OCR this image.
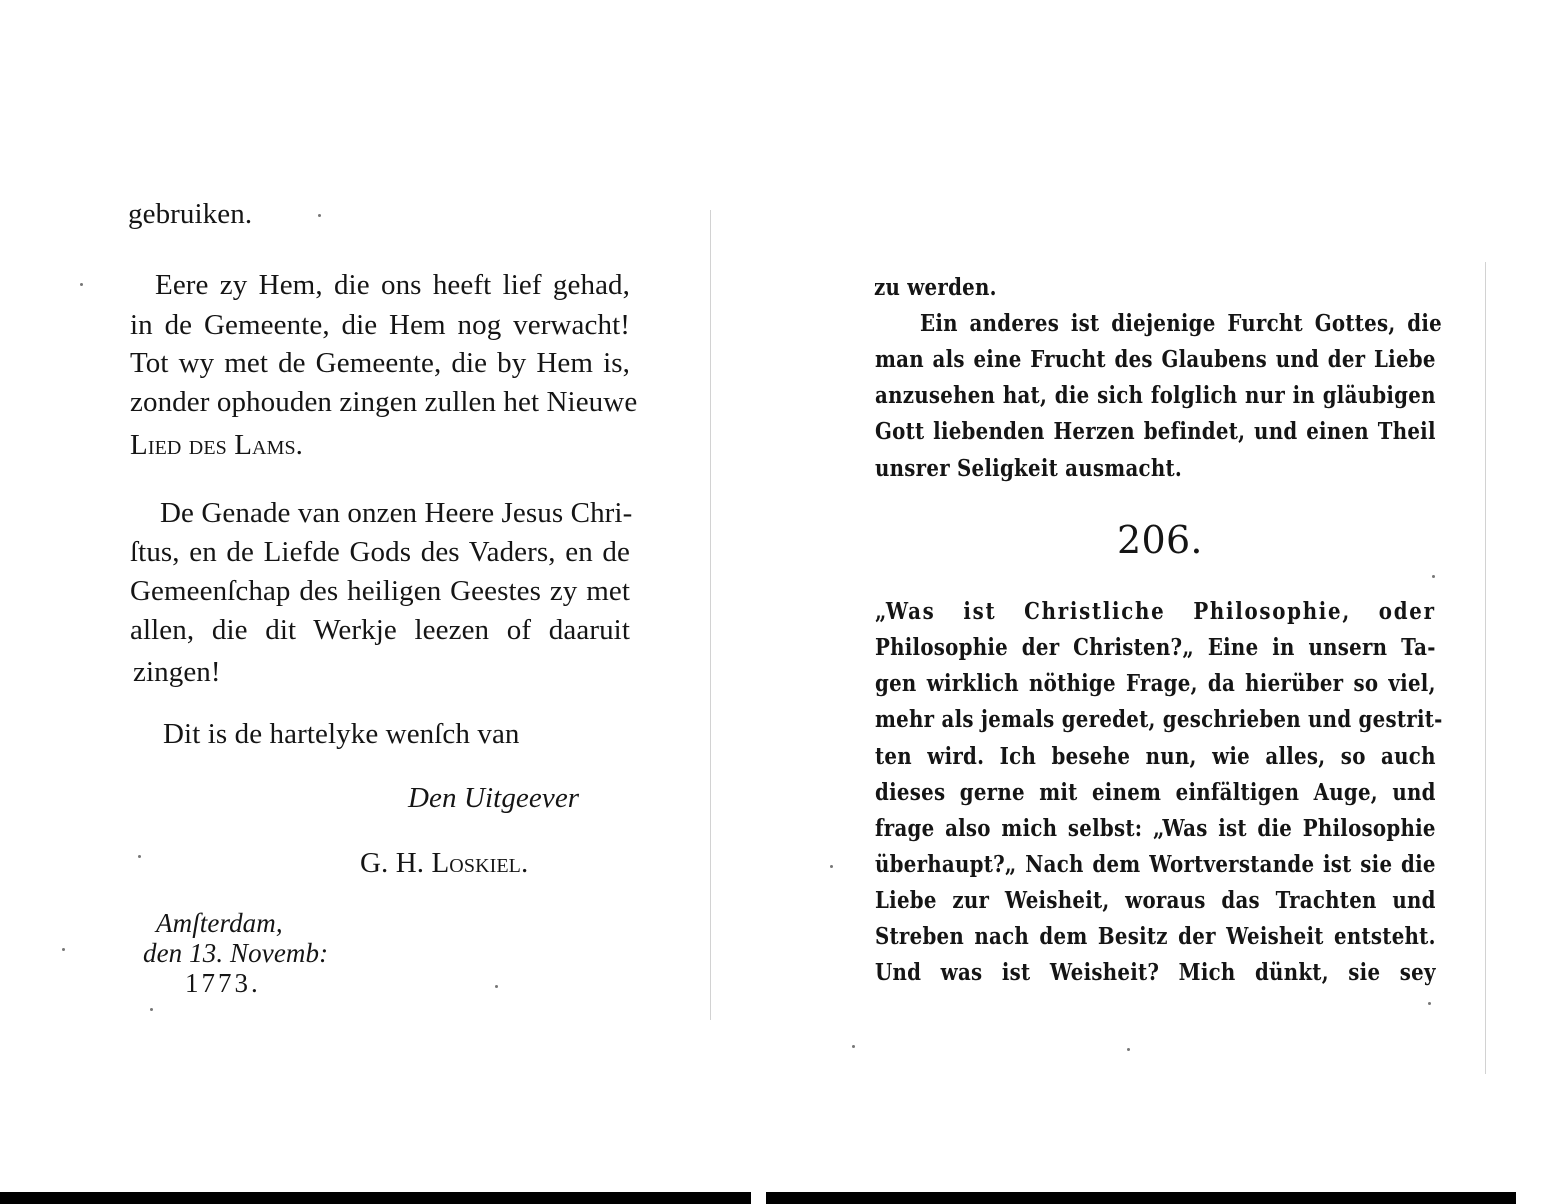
gebruiken.
Eere zy Hem, die ons heeft lief gehad,
in de Gemeente, die Hem nog verwacht!
Tot wy met de Gemeente, die by Hem is,
zonder ophouden zingen zullen het Nieuwe
Lied des Lams.
De Genade van onzen Heere Jesus Chri-
ſtus, en de Liefde Gods des Vaders, en de
Gemeenſchap des heiligen Geestes zy met
allen, die dit Werkje leezen of daaruit
zingen!
Dit is de hartelyke wenſch van
Den Uitgeever
G. H. Loskiel.
Amſterdam,
den 13. Novemb:
1773.
zu werden.
Ein anderes ist diejenige Furcht Gottes, die
man als eine Frucht des Glaubens und der Liebe
anzusehen hat, die sich folglich nur in gläubigen
Gott liebenden Herzen befindet, und einen Theil
unsrer Seligkeit ausmacht.
206.
„Was ist Christliche Philosophie, oder
Philosophie der Christen?„ Eine in unsern Ta-
gen wirklich nöthige Frage, da hierüber so viel,
mehr als jemals geredet, geschrieben und gestrit-
ten wird. Ich besehe nun, wie alles, so auch
dieses gerne mit einem einfältigen Auge, und
frage also mich selbst: „Was ist die Philosophie
überhaupt?„ Nach dem Wortverstande ist sie die
Liebe zur Weisheit, woraus das Trachten und
Streben nach dem Besitz der Weisheit entsteht.
Und was ist Weisheit? Mich dünkt, sie sey
